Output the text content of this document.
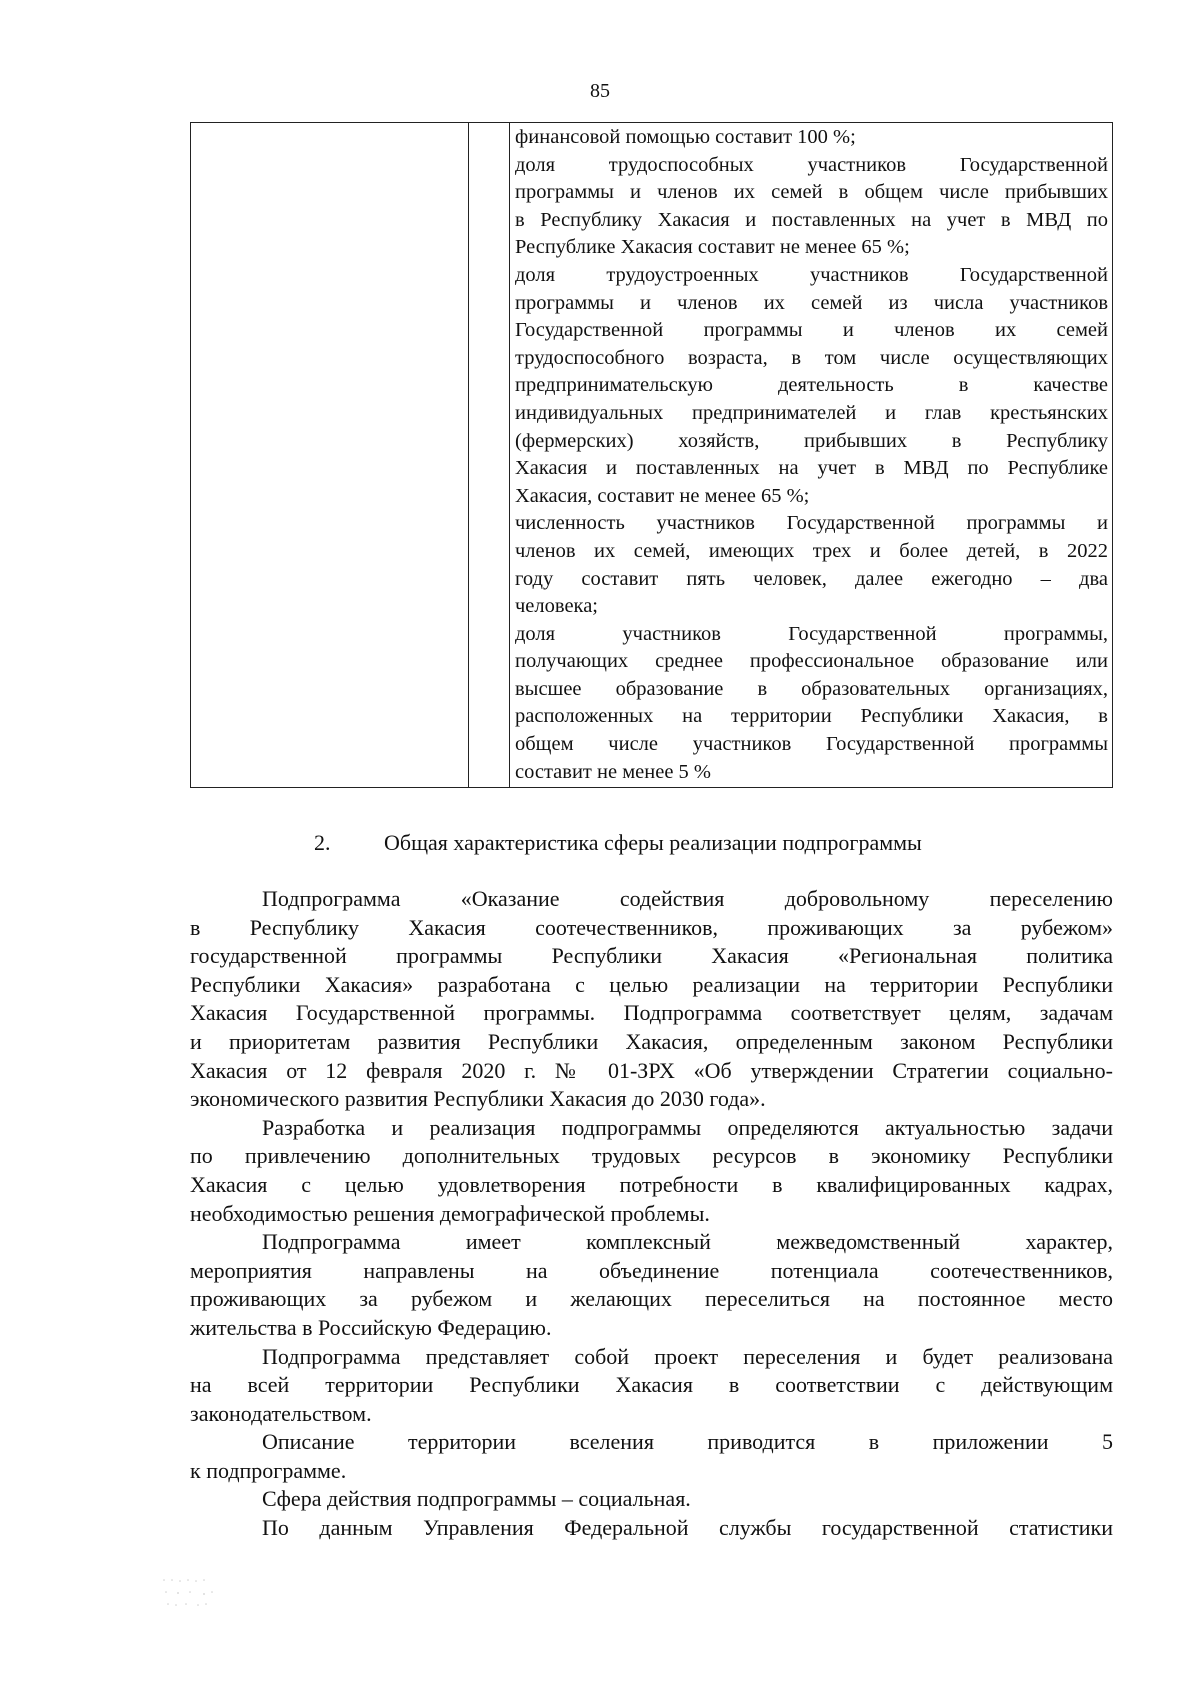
85

финансовой помощью составит 100 %;
доля трудоспособных участников Государственной
программы и членов их семей в общем числе прибывших
в Республику Хакасия и поставленных на учет в МВД по
Республике Хакасия составит не менее 65 %;
доля трудоустроенных участников Государственной
программы и членов их семей из числа участников
Государственной программы и членов их семей
трудоспособного возраста, в том числе осуществляющих
предпринимательскую деятельность в качестве
индивидуальных предпринимателей и глав крестьянских
(фермерских) хозяйств, прибывших в Республику
Хакасия и поставленных на учет в МВД по Республике
Хакасия, составит не менее 65 %;
численность участников Государственной программы и
членов их семей, имеющих трех и более детей, в 2022
году составит пять человек, далее ежегодно – два
человека;
доля участников Государственной программы,
получающих среднее профессиональное образование или
высшее образование в образовательных организациях,
расположенных на территории Республики Хакасия, в
общем числе участников Государственной программы
составит не менее 5 %
2. Общая характеристика сферы реализации подпрограммы
Подпрограмма «Оказание содействия добровольному переселению
в Республику Хакасия соотечественников, проживающих за рубежом»
государственной программы Республики Хакасия «Региональная политика
Республики Хакасия» разработана с целью реализации на территории Республики
Хакасия Государственной программы. Подпрограмма соответствует целям, задачам
и приоритетам развития Республики Хакасия, определенным законом Республики
Хакасия от 12 февраля 2020 г. № 01-ЗРХ «Об утверждении Стратегии социально-
экономического развития Республики Хакасия до 2030 года».
Разработка и реализация подпрограммы определяются актуальностью задачи
по привлечению дополнительных трудовых ресурсов в экономику Республики
Хакасия с целью удовлетворения потребности в квалифицированных кадрах,
необходимостью решения демографической проблемы.
Подпрограмма имеет комплексный межведомственный характер,
мероприятия направлены на объединение потенциала соотечественников,
проживающих за рубежом и желающих переселиться на постоянное место
жительства в Российскую Федерацию.
Подпрограмма представляет собой проект переселения и будет реализована
на всей территории Республики Хакасия в соответствии с действующим
законодательством.
Описание территории вселения приводится в приложении 5
к подпрограмме.
Сфера действия подпрограммы – социальная.
По данным Управления Федеральной службы государственной статистики
